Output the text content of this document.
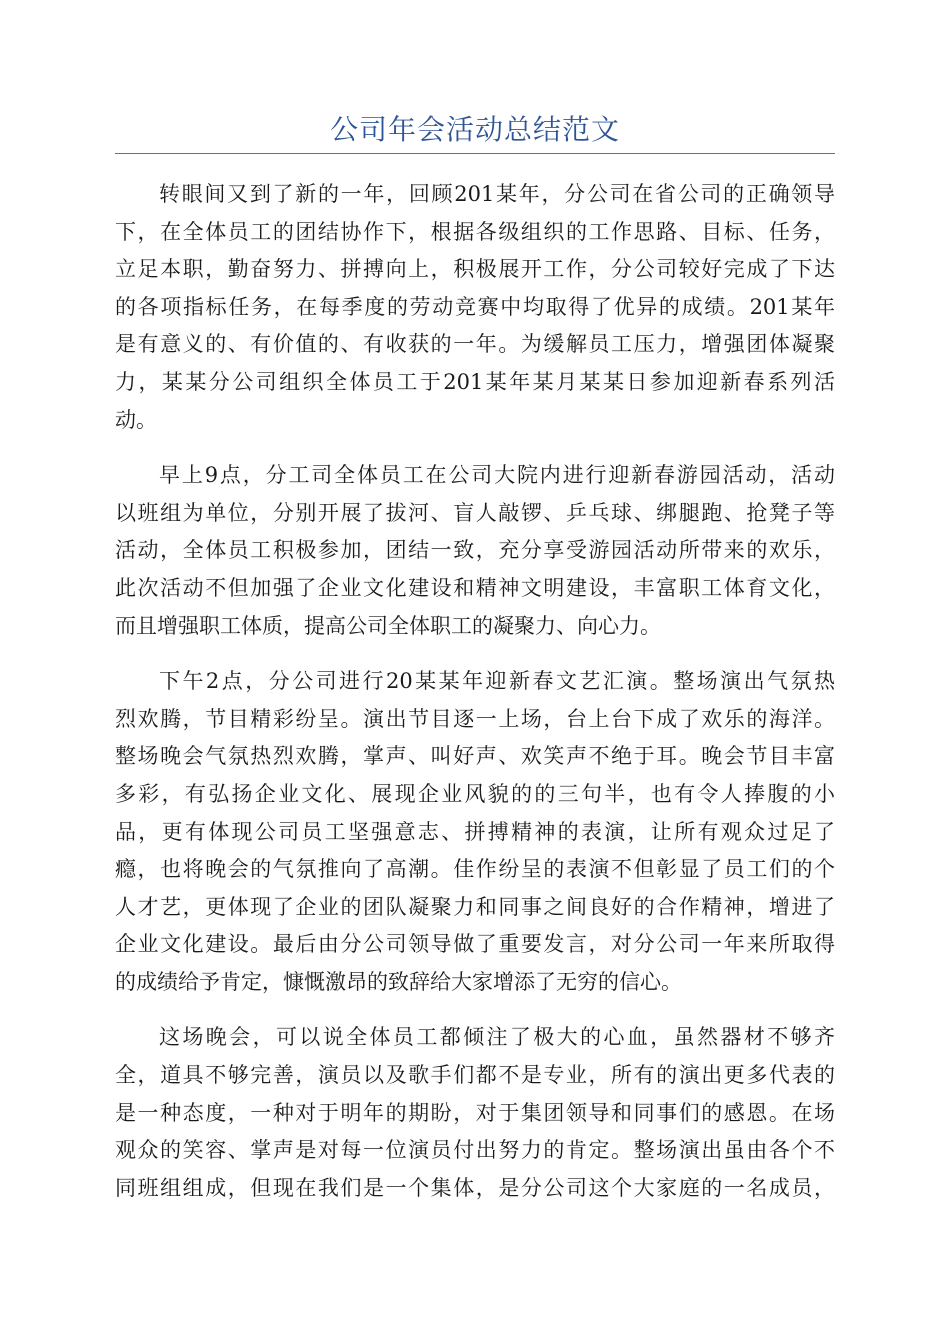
公司年会活动总结范文
转眼间又到了新的一年，回顾201某年，分公司在省公司的正确领导
下，在全体员工的团结协作下，根据各级组织的工作思路、目标、任务，
立足本职，勤奋努力、拼搏向上，积极展开工作，分公司较好完成了下达
的各项指标任务，在每季度的劳动竞赛中均取得了优异的成绩。201某年
是有意义的、有价值的、有收获的一年。为缓解员工压力，增强团体凝聚
力，某某分公司组织全体员工于201某年某月某某日参加迎新春系列活
动。
早上9点，分工司全体员工在公司大院内进行迎新春游园活动，活动
以班组为单位，分别开展了拔河、盲人敲锣、乒乓球、绑腿跑、抢凳子等
活动，全体员工积极参加，团结一致，充分享受游园活动所带来的欢乐，
此次活动不但加强了企业文化建设和精神文明建设，丰富职工体育文化，
而且增强职工体质，提高公司全体职工的凝聚力、向心力。
下午2点，分公司进行20某某年迎新春文艺汇演。整场演出气氛热
烈欢腾，节目精彩纷呈。演出节目逐一上场，台上台下成了欢乐的海洋。
整场晚会气氛热烈欢腾，掌声、叫好声、欢笑声不绝于耳。晚会节目丰富
多彩，有弘扬企业文化、展现企业风貌的的三句半，也有令人捧腹的小
品，更有体现公司员工坚强意志、拼搏精神的表演，让所有观众过足了
瘾，也将晚会的气氛推向了高潮。佳作纷呈的表演不但彰显了员工们的个
人才艺，更体现了企业的团队凝聚力和同事之间良好的合作精神，增进了
企业文化建设。最后由分公司领导做了重要发言，对分公司一年来所取得
的成绩给予肯定，慷慨激昂的致辞给大家增添了无穷的信心。
这场晚会，可以说全体员工都倾注了极大的心血，虽然器材不够齐
全，道具不够完善，演员以及歌手们都不是专业，所有的演出更多代表的
是一种态度，一种对于明年的期盼，对于集团领导和同事们的感恩。在场
观众的笑容、掌声是对每一位演员付出努力的肯定。整场演出虽由各个不
同班组组成，但现在我们是一个集体，是分公司这个大家庭的一名成员，
